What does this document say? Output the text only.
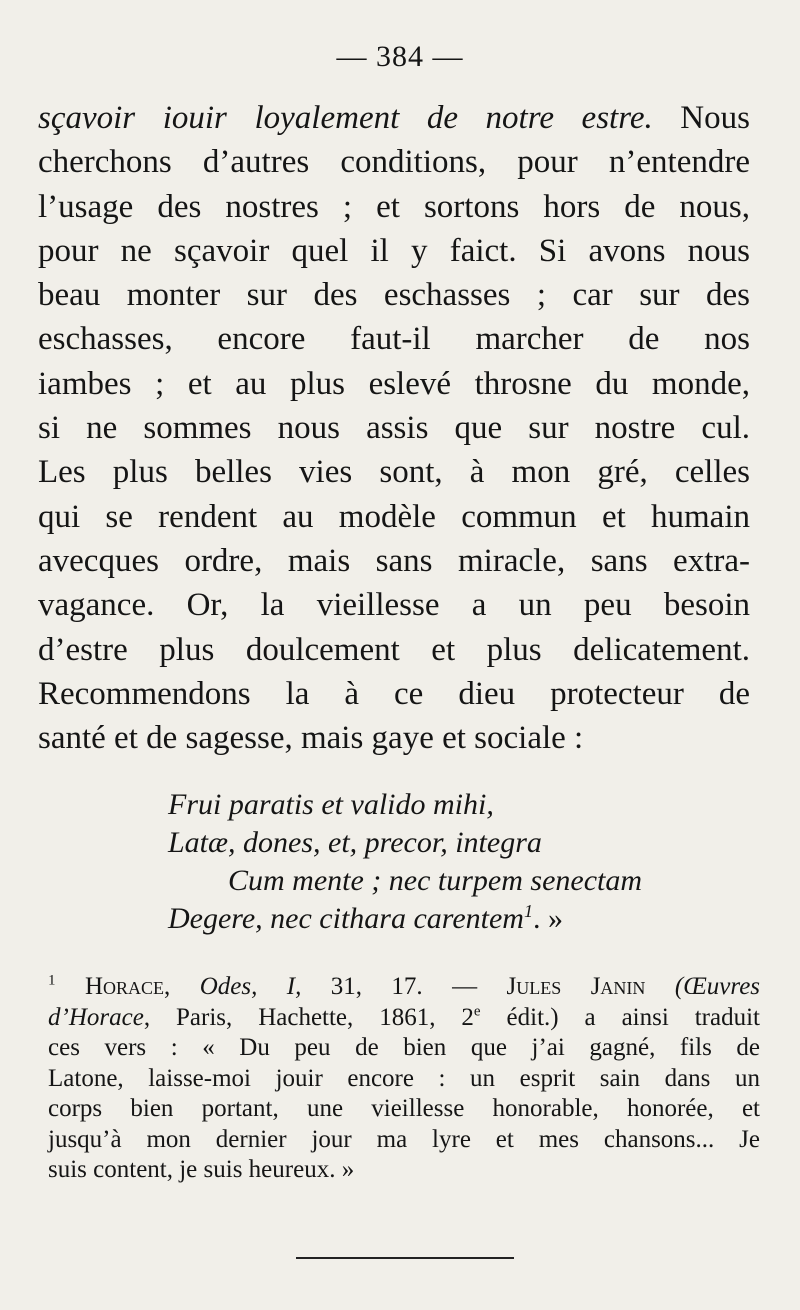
— 384 —
sçavoir iouir loyalement de notre estre. Nous
cherchons d’autres conditions, pour n’entendre
l’usage des nostres ; et sortons hors de nous,
pour ne sçavoir quel il y faict. Si avons nous
beau monter sur des eschasses ; car sur des
eschasses, encore faut-il marcher de nos
iambes ; et au plus eslevé throsne du monde,
si ne sommes nous assis que sur nostre cul.
Les plus belles vies sont, à mon gré, celles
qui se rendent au modèle commun et humain
avecques ordre, mais sans miracle, sans extra-
vagance. Or, la vieillesse a un peu besoin
d’estre plus doulcement et plus delicatement.
Recommendons la à ce dieu protecteur de
santé et de sagesse, mais gaye et sociale :
Frui paratis et valido mihi,
Latæ, dones, et, precor, integra
Cum mente ; nec turpem senectam
Degere, nec cithara carentem$^1$. »
$^1$ Horace, Odes, I, 31, 17. — Jules Janin (Œuvres
d’Horace, Paris, Hachette, 1861, 2e édit.) a ainsi traduit
ces vers : « Du peu de bien que j’ai gagné, fils de
Latone, laisse-moi jouir encore : un esprit sain dans un
corps bien portant, une vieillesse honorable, honorée, et
jusqu’à mon dernier jour ma lyre et mes chansons... Je
suis content, je suis heureux. »
